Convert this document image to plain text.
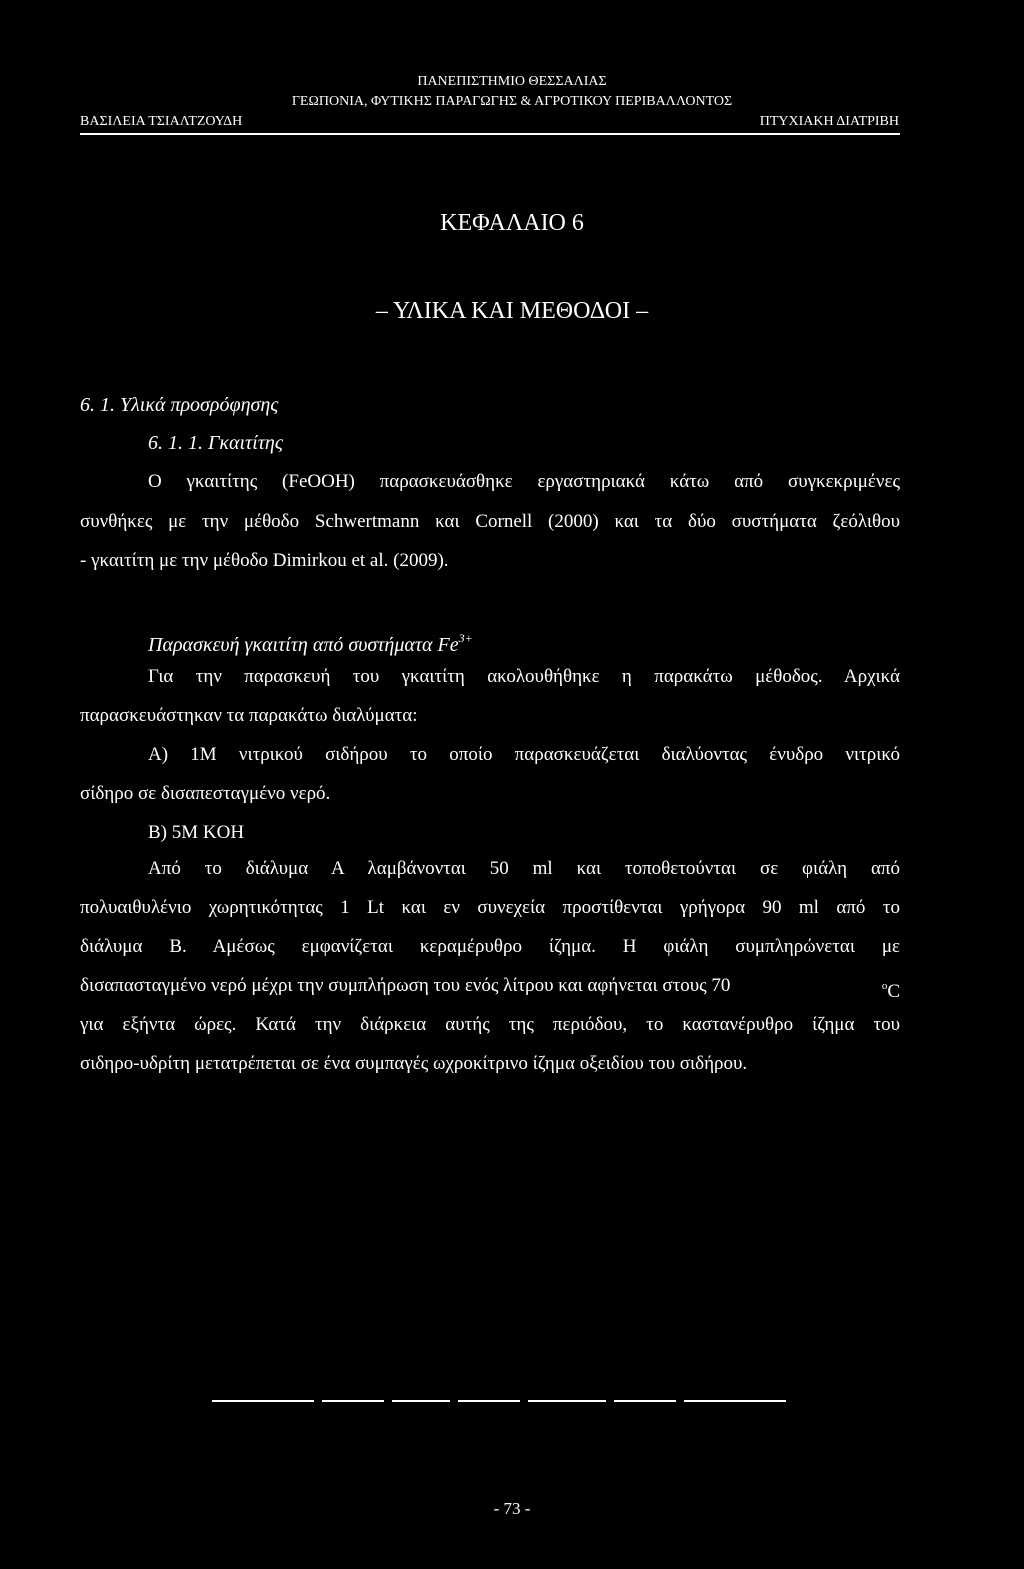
ΠΑΝΕΠΙΣΤΗΜΙΟ ΘΕΣΣΑΛΙΑΣ
ΓΕΩΠΟΝΙΑ, ΦΥΤΙΚΗΣ ΠΑΡΑΓΩΓΗΣ & ΑΓΡΟΤΙΚΟΥ ΠΕΡΙΒΑΛΛΟΝΤΟΣ
ΒΑΣΙΛΕΙΑ ΤΣΙΑΛΤΖΟΥΔΗ	ΠΤΥΧΙΑΚΗ ΔΙΑΤΡΙΒΗ
ΚΕΦΑΛΑΙΟ 6
– ΥΛΙΚΑ ΚΑΙ ΜΕΘΟΔΟΙ –
6. 1. Υλικά προσρόφησης
6. 1. 1. Γκαιτίτης
Ο γκαιτίτης (FeOOH) παρασκευάσθηκε εργαστηριακά κάτω από συγκεκριμένες
συνθήκες με την μέθοδο Schwertmann και Cornell (2000) και τα δύο συστήματα ζεόλιθου
- γκαιτίτη με την μέθοδο Dimirkou et al. (2009).
Παρασκευή γκαιτίτη από συστήματα $Fe^{3+}$
Για την παρασκευή του γκαιτίτη ακολουθήθηκε η παρακάτω μέθοδος. Αρχικά
παρασκευάστηκαν τα παρακάτω διαλύματα:
Α) 1M νιτρικού σιδήρου το οποίο παρασκευάζεται διαλύοντας ένυδρο νιτρικό
σίδηρο σε δισαπεσταγμένο νερό.
Β) 5M KOH
Από το διάλυμα Α λαμβάνονται 50 ml και τοποθετούνται σε φιάλη από
πολυαιθυλένιο χωρητικότητας 1 Lt και εν συνεχεία προστίθενται γρήγορα 90 ml από το
διάλυμα Β. Αμέσως εμφανίζεται κεραμέρυθρο ίζημα. Η φιάλη συμπληρώνεται με
δισαπασταγμένο νερό μέχρι την συμπλήρωση του ενός λίτρου και αφήνεται στους 70	$^o$C
για εξήντα ώρες. Κατά την διάρκεια αυτής της περιόδου, το καστανέρυθρο ίζημα του
σιδηρο-υδρίτη μετατρέπεται σε ένα συμπαγές ωχροκίτρινο ίζημα οξειδίου του σιδήρου.
- 73 -
